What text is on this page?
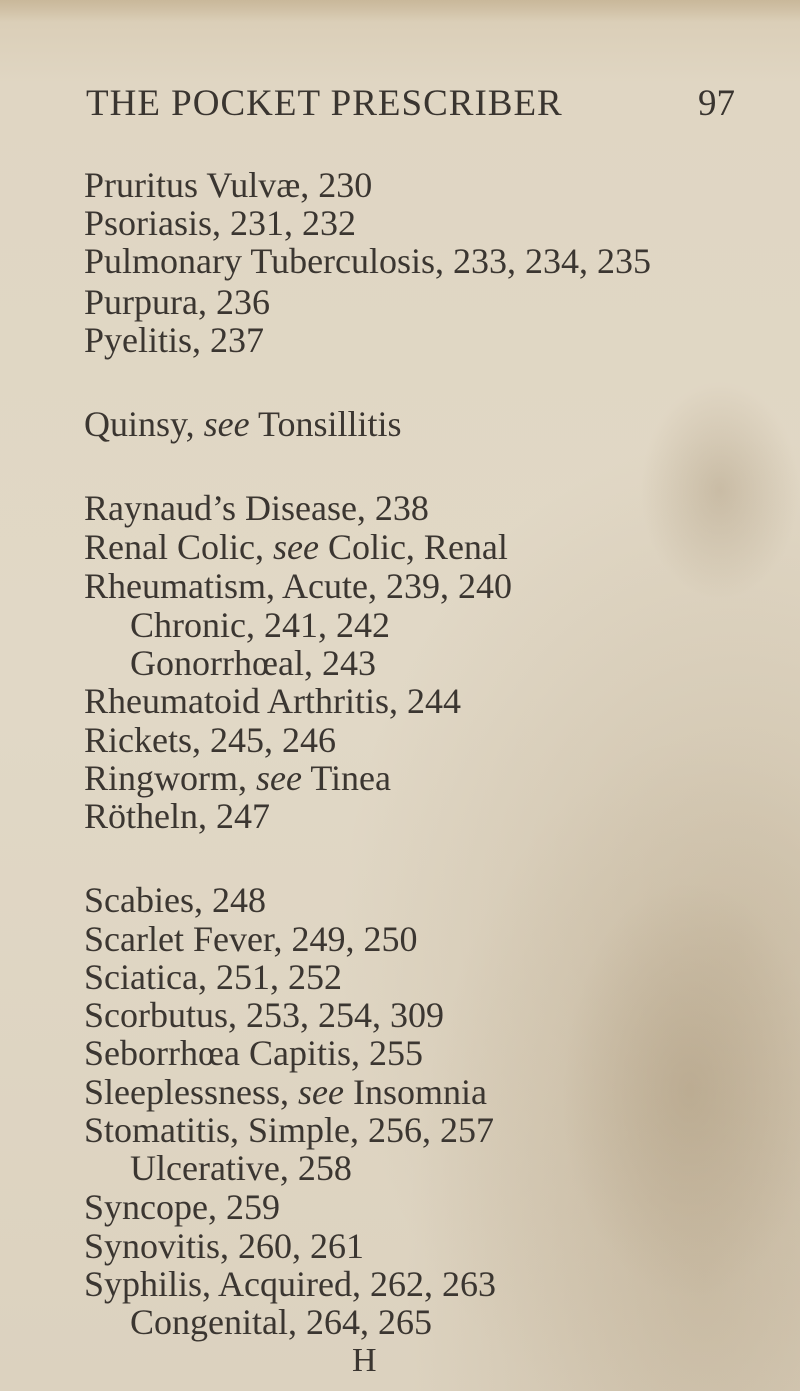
THE POCKET PRESCRIBER	97
Pruritus Vulvæ, 230
Psoriasis, 231, 232
Pulmonary Tuberculosis, 233, 234, 235
Purpura, 236
Pyelitis, 237
Quinsy, see Tonsillitis
Raynaud’s Disease, 238
Renal Colic, see Colic, Renal
Rheumatism, Acute, 239, 240
Chronic, 241, 242
Gonorrhœal, 243
Rheumatoid Arthritis, 244
Rickets, 245, 246
Ringworm, see Tinea
Rötheln, 247
Scabies, 248
Scarlet Fever, 249, 250
Sciatica, 251, 252
Scorbutus, 253, 254, 309
Seborrhœa Capitis, 255
Sleeplessness, see Insomnia
Stomatitis, Simple, 256, 257
Ulcerative, 258
Syncope, 259
Synovitis, 260, 261
Syphilis, Acquired, 262, 263
Congenital, 264, 265
H
